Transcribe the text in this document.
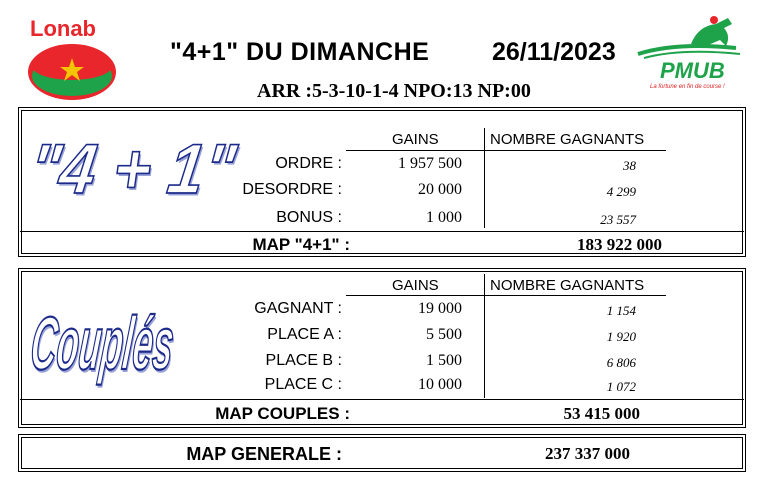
Lonab
"4+1" DU DIMANCHE	26/11/2023
ARR :5-3-10-1-4 NPO:13 NP:00
PMUB
La fortune en fin de course !
"4 + 1"	GAINS	NOMBRE GAGNANTS
ORDRE :	1 957 500	38
DESORDRE :	20 000	4 299
BONUS :	1 000	23 557
MAP "4+1" :	183 922 000
Couplés
GAINS	NOMBRE GAGNANTS
GAGNANT :	19 000	1 154
PLACE A :	5 500	1 920
PLACE B :	1 500	6 806
PLACE C :	10 000	1 072
MAP COUPLES :	53 415 000
MAP GENERALE :	237 337 000
